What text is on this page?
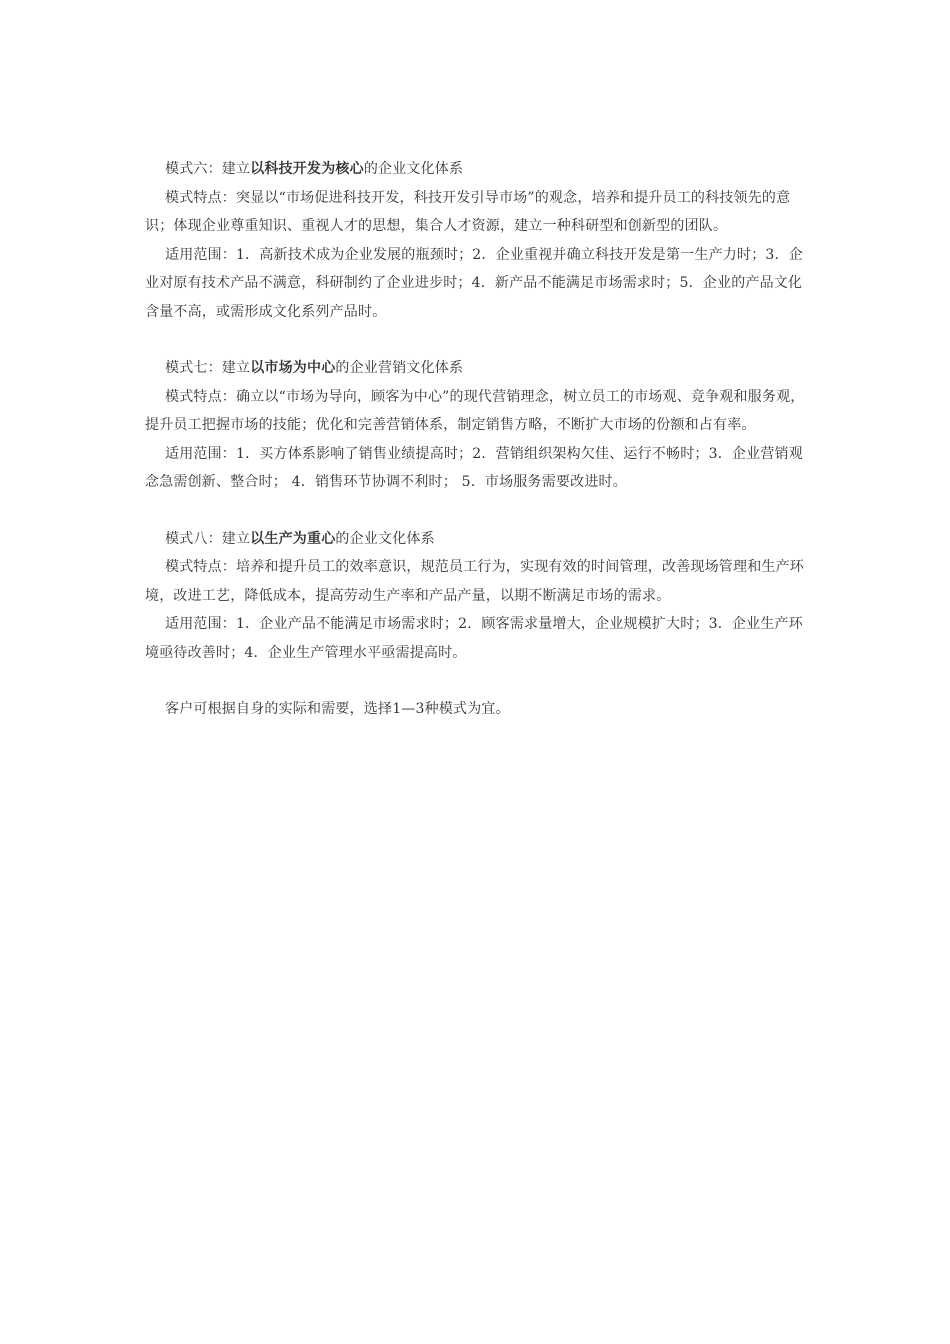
模式六：建立以科技开发为核心的企业文化体系

模式特点：突显以“市场促进科技开发，科技开发引导市场”的观念，培养和提升员工的科技领先的意识；体现企业尊重知识、重视人才的思想，集合人才资源，建立一种科研型和创新型的团队。

适用范围：1．高新技术成为企业发展的瓶颈时；2．企业重视并确立科技开发是第一生产力时；3．企业对原有技术产品不满意，科研制约了企业进步时；4．新产品不能满足市场需求时；5．企业的产品文化含量不高，或需形成文化系列产品时。

模式七：建立以市场为中心的企业营销文化体系

模式特点：确立以“市场为导向，顾客为中心”的现代营销理念，树立员工的市场观、竞争观和服务观，提升员工把握市场的技能；优化和完善营销体系，制定销售方略，不断扩大市场的份额和占有率。

适用范围：1．买方体系影响了销售业绩提高时；2．营销组织架构欠佳、运行不畅时；3．企业营销观念急需创新、整合时； 4．销售环节协调不利时； 5．市场服务需要改进时。

模式八：建立以生产为重心的企业文化体系

模式特点：培养和提升员工的效率意识，规范员工行为，实现有效的时间管理，改善现场管理和生产环境，改进工艺，降低成本，提高劳动生产率和产品产量，以期不断满足市场的需求。

适用范围：1．企业产品不能满足市场需求时；2．顾客需求量增大，企业规模扩大时；3．企业生产环境亟待改善时；4．企业生产管理水平亟需提高时。

客户可根据自身的实际和需要，选择1—3种模式为宜。
